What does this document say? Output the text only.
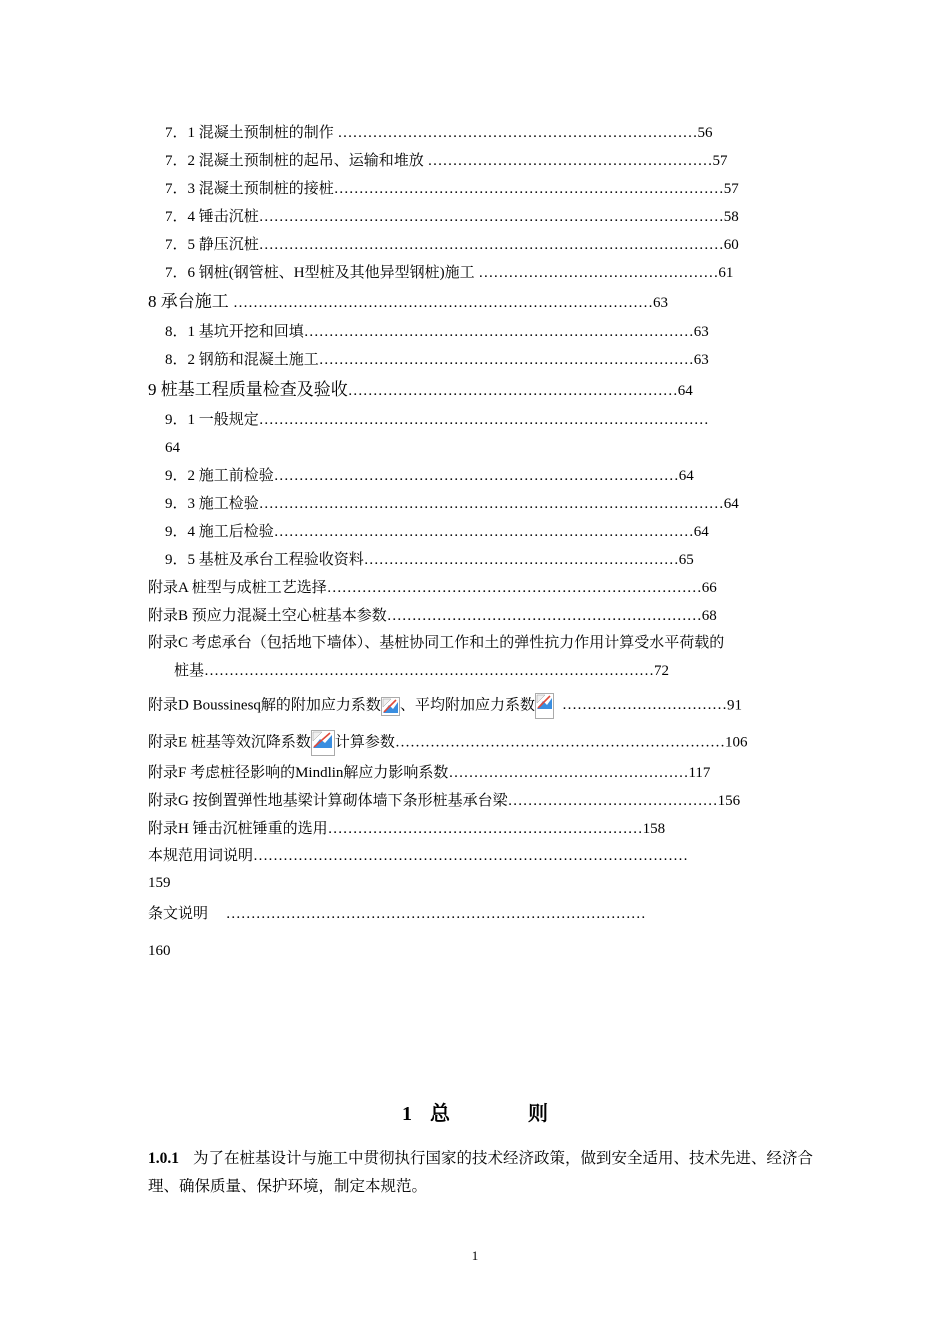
7．1 混凝土预制桩的制作 ………………………………………………………………56
7．2 混凝土预制桩的起吊、运输和堆放 …………………………………………………57
7．3 混凝土预制桩的接桩……………………………………………………………………57
7．4 锤击沉桩…………………………………………………………………………………58
7．5 静压沉桩…………………………………………………………………………………60
7．6 钢桩(钢管桩、H型桩及其他异型钢桩)施工 …………………………………………61
8 承台施工 …………………………………………………………………………63
8．1 基坑开挖和回填……………………………………………………………………63
8．2 钢筋和混凝土施工…………………………………………………………………63
9 桩基工程质量检查及验收…………………………………………………………64
9．1 一般规定………………………………………………………………………………
64
9．2 施工前检验………………………………………………………………………64
9．3 施工检验…………………………………………………………………………………64
9．4 施工后检验…………………………………………………………………………64
9．5 基桩及承台工程验收资料………………………………………………………65
附录A 桩型与成桩工艺选择…………………………………………………………………66
附录B 预应力混凝土空心桩基本参数………………………………………………………68
附录C 考虑承台（包括地下墙体）、基桩协同工作和土的弹性抗力作用计算受水平荷载的
桩基………………………………………………………………………………72
附录D Boussinesq解的附加应力系数 、平均附加应力系数 ……………………………91
附录E 桩基等效沉降系数 计算参数…………………………………………………………106
附录F 考虑桩径影响的Mindlin解应力影响系数…………………………………………117
附录G 按倒置弹性地基梁计算砌体墙下条形桩基承台梁……………………………………156
附录H 锤击沉桩锤重的选用………………………………………………………158
本规范用词说明……………………………………………………………………………
159
条文说明 …………………………………………………………………………
160
1 总	则
1.0.1 为了在桩基设计与施工中贯彻执行国家的技术经济政策，做到安全适用、技术先进、经济合理、确保质量、保护环境，制定本规范。
1
